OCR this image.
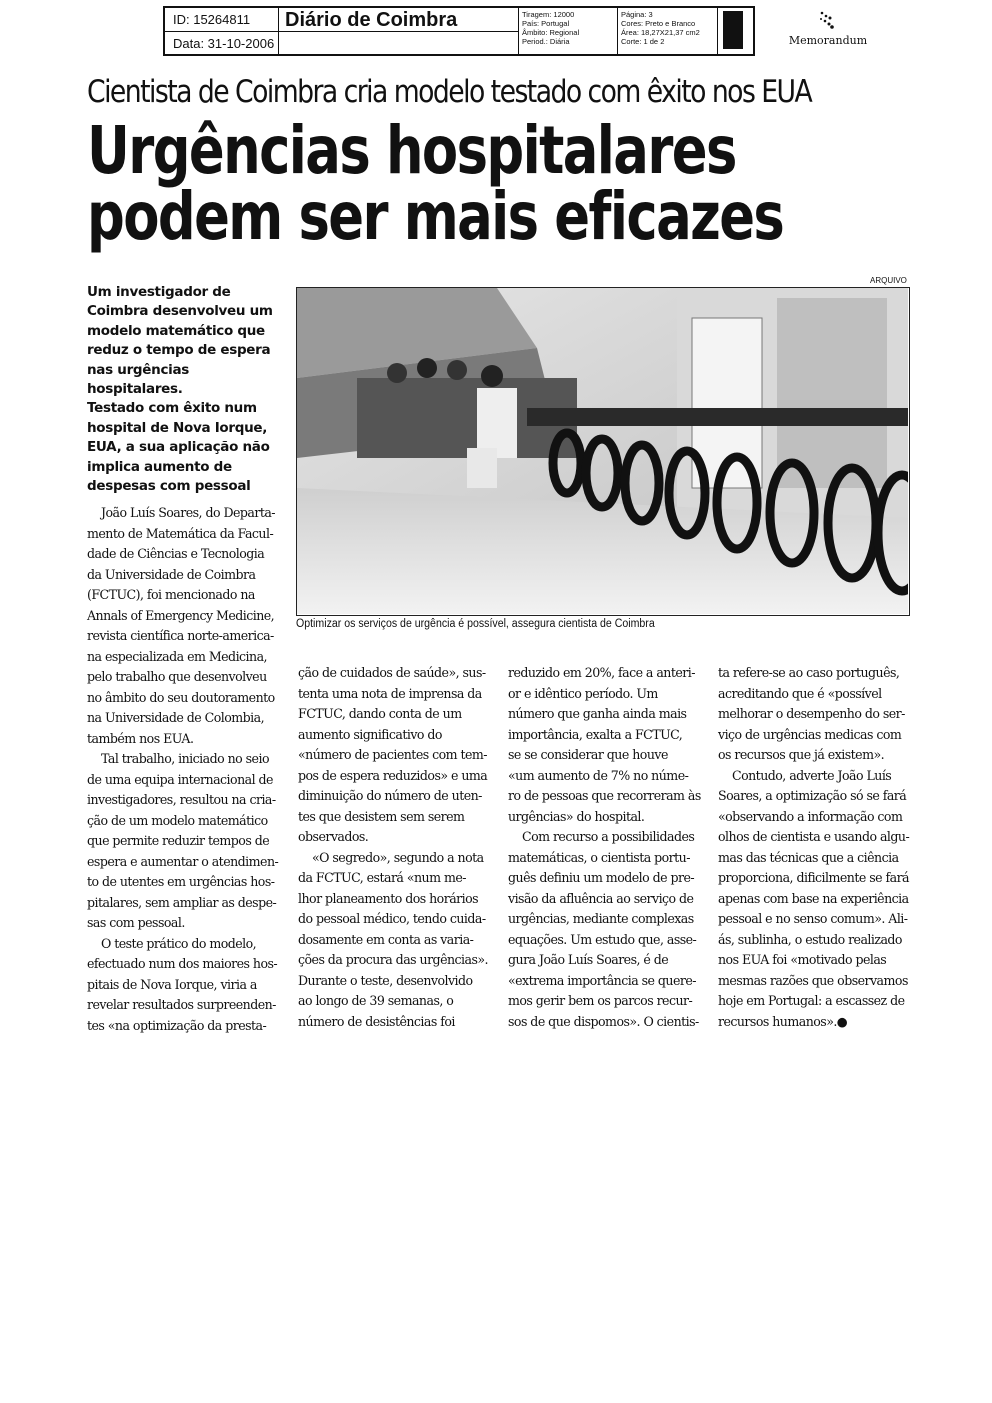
ID: 15264811
Data: 31-10-2006
Diário de Coimbra	Tiragem: 12000
País: Portugal
Âmbito: Regional
Period.: Diária
Página: 3
Cores: Preto e Branco
Área: 18,27X21,37 cm2
Corte: 1 de 2	Memorandum
Cientista de Coimbra cria modelo testado com êxito nos EUA
Urgências hospitalares
podem ser mais eficazes
Um investigador de
Coimbra desenvolveu um
modelo matemático que
reduz o tempo de espera
nas urgências hospitalares.
Testado com êxito num
hospital de Nova Iorque,
EUA, a sua aplicação não
implica aumento de
despesas com pessoal
ARQUIVO
Optimizar os serviços de urgência é possível, assegura cientista de Coimbra
João Luís Soares, do Departa-
mento de Matemática da Facul-
dade de Ciências e Tecnologia
da Universidade de Coimbra
(FCTUC), foi mencionado na
Annals of Emergency Medicine,
revista científica norte-america-
na especializada em Medicina,
pelo trabalho que desenvolveu
no âmbito do seu doutoramento
na Universidade de Colombia,
também nos EUA.
Tal trabalho, iniciado no seio
de uma equipa internacional de
investigadores, resultou na cria-
ção de um modelo matemático
que permite reduzir tempos de
espera e aumentar o atendimen-
to de utentes em urgências hos-
pitalares, sem ampliar as despe-
sas com pessoal.
O teste prático do modelo,
efectuado num dos maiores hos-
pitais de Nova Iorque, viria a
revelar resultados surpreenden-
tes «na optimização da presta-
ção de cuidados de saúde», sus-
tenta uma nota de imprensa da
FCTUC, dando conta de um
aumento significativo do
«número de pacientes com tem-
pos de espera reduzidos» e uma
diminuição do número de uten-
tes que desistem sem serem
observados.
«O segredo», segundo a nota
da FCTUC, estará «num me-
lhor planeamento dos horários
do pessoal médico, tendo cuida-
dosamente em conta as varia-
ções da procura das urgências».
Durante o teste, desenvolvido
ao longo de 39 semanas, o
número de desistências foi
reduzido em 20%, face a anteri-
or e idêntico período. Um
número que ganha ainda mais
importância, exalta a FCTUC,
se se considerar que houve
«um aumento de 7% no núme-
ro de pessoas que recorreram às
urgências» do hospital.
Com recurso a possibilidades
matemáticas, o cientista portu-
guês definiu um modelo de pre-
visão da afluência ao serviço de
urgências, mediante complexas
equações. Um estudo que, asse-
gura João Luís Soares, é de
«extrema importância se quere-
mos gerir bem os parcos recur-
sos de que dispomos». O cientis-
ta refere-se ao caso português,
acreditando que é «possível
melhorar o desempenho do ser-
viço de urgências medicas com
os recursos que já existem».
Contudo, adverte João Luís
Soares, a optimização só se fará
«observando a informação com
olhos de cientista e usando algu-
mas das técnicas que a ciência
proporciona, dificilmente se fará
apenas com base na experiência
pessoal e no senso comum». Ali-
ás, sublinha, o estudo realizado
nos EUA foi «motivado pelas
mesmas razões que observamos
hoje em Portugal: a escassez de
recursos humanos».●
